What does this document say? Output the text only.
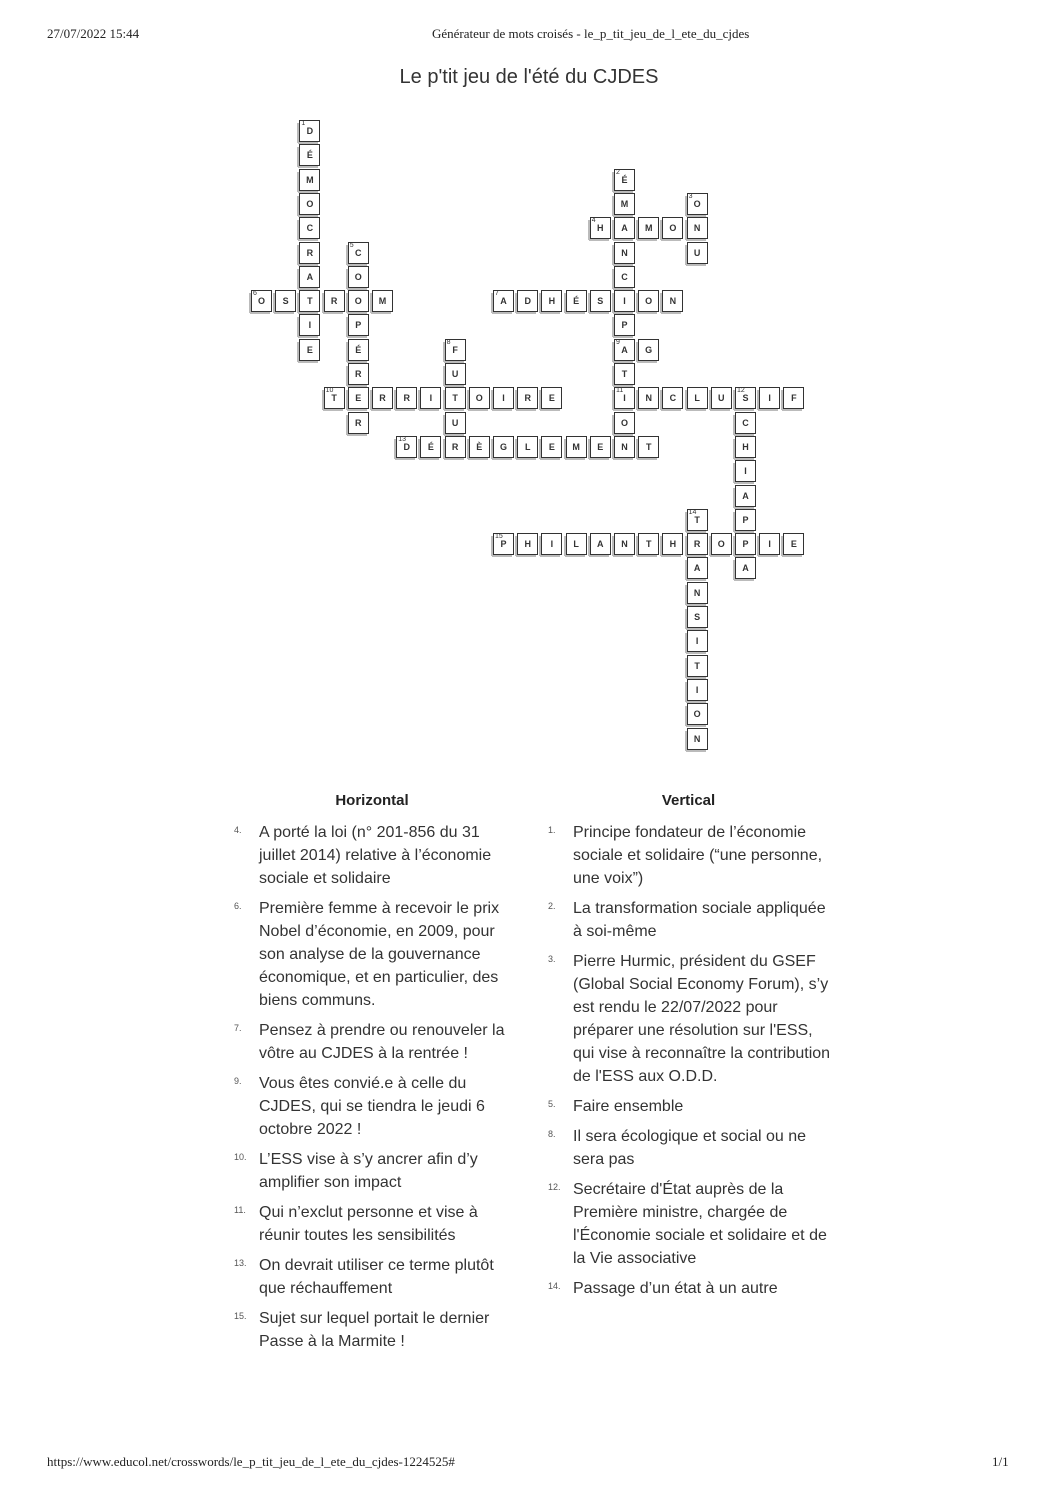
27/07/2022 15:44	Générateur de mots croisés - le_p_tit_jeu_de_l_ete_du_cjdes
Le p'tit jeu de l'été du CJDES
1
D
É
M
O
C
R
A
T
I
E
2
É
M
A
N
C
I
P
9
A
T
11
I
O
N
3
O
N
U
4
H	M	O
5
C
O
O
P
É
R
E
R
6
O	S	R	M
7
A	D	H	É	S	O	N
8
F
U
T
U
R
G
10
T	R	R	I	O	I	R	E	N	C	L	U
12
S	I	F
C
H
I
A
P
P
A
13
D	É	È	G	L	E	M	E	T
14
T
R
A
N
S
I
T
I
O
N
15
P	H	I	L	A	N	T	H	O	I	E
Horizontal
4. A porté la loi (n° 201-856 du 31 juillet 2014) relative à l’économie sociale et solidaire
6. Première femme à recevoir le prix Nobel d’économie, en 2009, pour son analyse de la gouvernance économique, et en particulier, des biens communs.
7. Pensez à prendre ou renouveler la vôtre au CJDES à la rentrée !
9. Vous êtes convié.e à celle du CJDES, qui se tiendra le jeudi 6 octobre 2022 !
10. L’ESS vise à s’y ancrer afin d’y amplifier son impact
11. Qui n’exclut personne et vise à réunir toutes les sensibilités
13. On devrait utiliser ce terme plutôt que réchauffement
15. Sujet sur lequel portait le dernier Passe à la Marmite !
Vertical
1. Principe fondateur de l’économie sociale et solidaire (“une personne, une voix”)
2. La transformation sociale appliquée à soi-même
3. Pierre Hurmic, président du GSEF (Global Social Economy Forum), s’y est rendu le 22/07/2022 pour préparer une résolution sur l'ESS, qui vise à reconnaître la contribution de l'ESS aux O.D.D.
5. Faire ensemble
8. Il sera écologique et social ou ne sera pas
12. Secrétaire d'État auprès de la Première ministre, chargée de l'Économie sociale et solidaire et de la Vie associative
14. Passage d’un état à un autre
https://www.educol.net/crosswords/le_p_tit_jeu_de_l_ete_du_cjdes-1224525#	1/1
